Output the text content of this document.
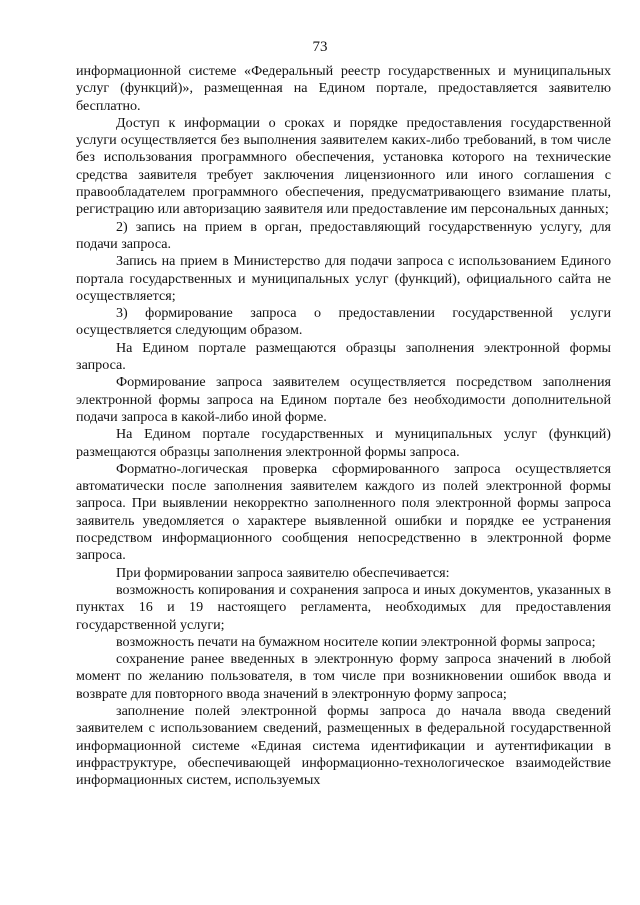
73

информационной системе «Федеральный реестр государственных и муниципальных услуг (функций)», размещенная на Едином портале, предоставляется заявителю бесплатно.

Доступ к информации о сроках и порядке предоставления государственной услуги осуществляется без выполнения заявителем каких-либо требований, в том числе без использования программного обеспечения, установка которого на технические средства заявителя требует заключения лицензионного или иного соглашения с правообладателем программного обеспечения, предусматривающего взимание платы, регистрацию или авторизацию заявителя или предоставление им персональных данных;

2) запись на прием в орган, предоставляющий государственную услугу, для подачи запроса.

Запись на прием в Министерство для подачи запроса с использованием Единого портала государственных и муниципальных услуг (функций), официального сайта не осуществляется;

3) формирование запроса о предоставлении государственной услуги осуществляется следующим образом.

На Едином портале размещаются образцы заполнения электронной формы запроса.

Формирование запроса заявителем осуществляется посредством заполнения электронной формы запроса на Едином портале без необходимости дополнительной подачи запроса в какой-либо иной форме.

На Едином портале государственных и муниципальных услуг (функций) размещаются образцы заполнения электронной формы запроса.

Форматно-логическая проверка сформированного запроса осуществляется автоматически после заполнения заявителем каждого из полей электронной формы запроса. При выявлении некорректно заполненного поля электронной формы запроса заявитель уведомляется о характере выявленной ошибки и порядке ее устранения посредством информационного сообщения непосредственно в электронной форме запроса.

При формировании запроса заявителю обеспечивается:

возможность копирования и сохранения запроса и иных документов, указанных в пунктах 16 и 19 настоящего регламента, необходимых для предоставления государственной услуги;

возможность печати на бумажном носителе копии электронной формы запроса;

сохранение ранее введенных в электронную форму запроса значений в любой момент по желанию пользователя, в том числе при возникновении ошибок ввода и возврате для повторного ввода значений в электронную форму запроса;

заполнение полей электронной формы запроса до начала ввода сведений заявителем с использованием сведений, размещенных в федеральной государственной информационной системе «Единая система идентификации и аутентификации в инфраструктуре, обеспечивающей информационно-технологическое взаимодействие информационных систем, используемых
